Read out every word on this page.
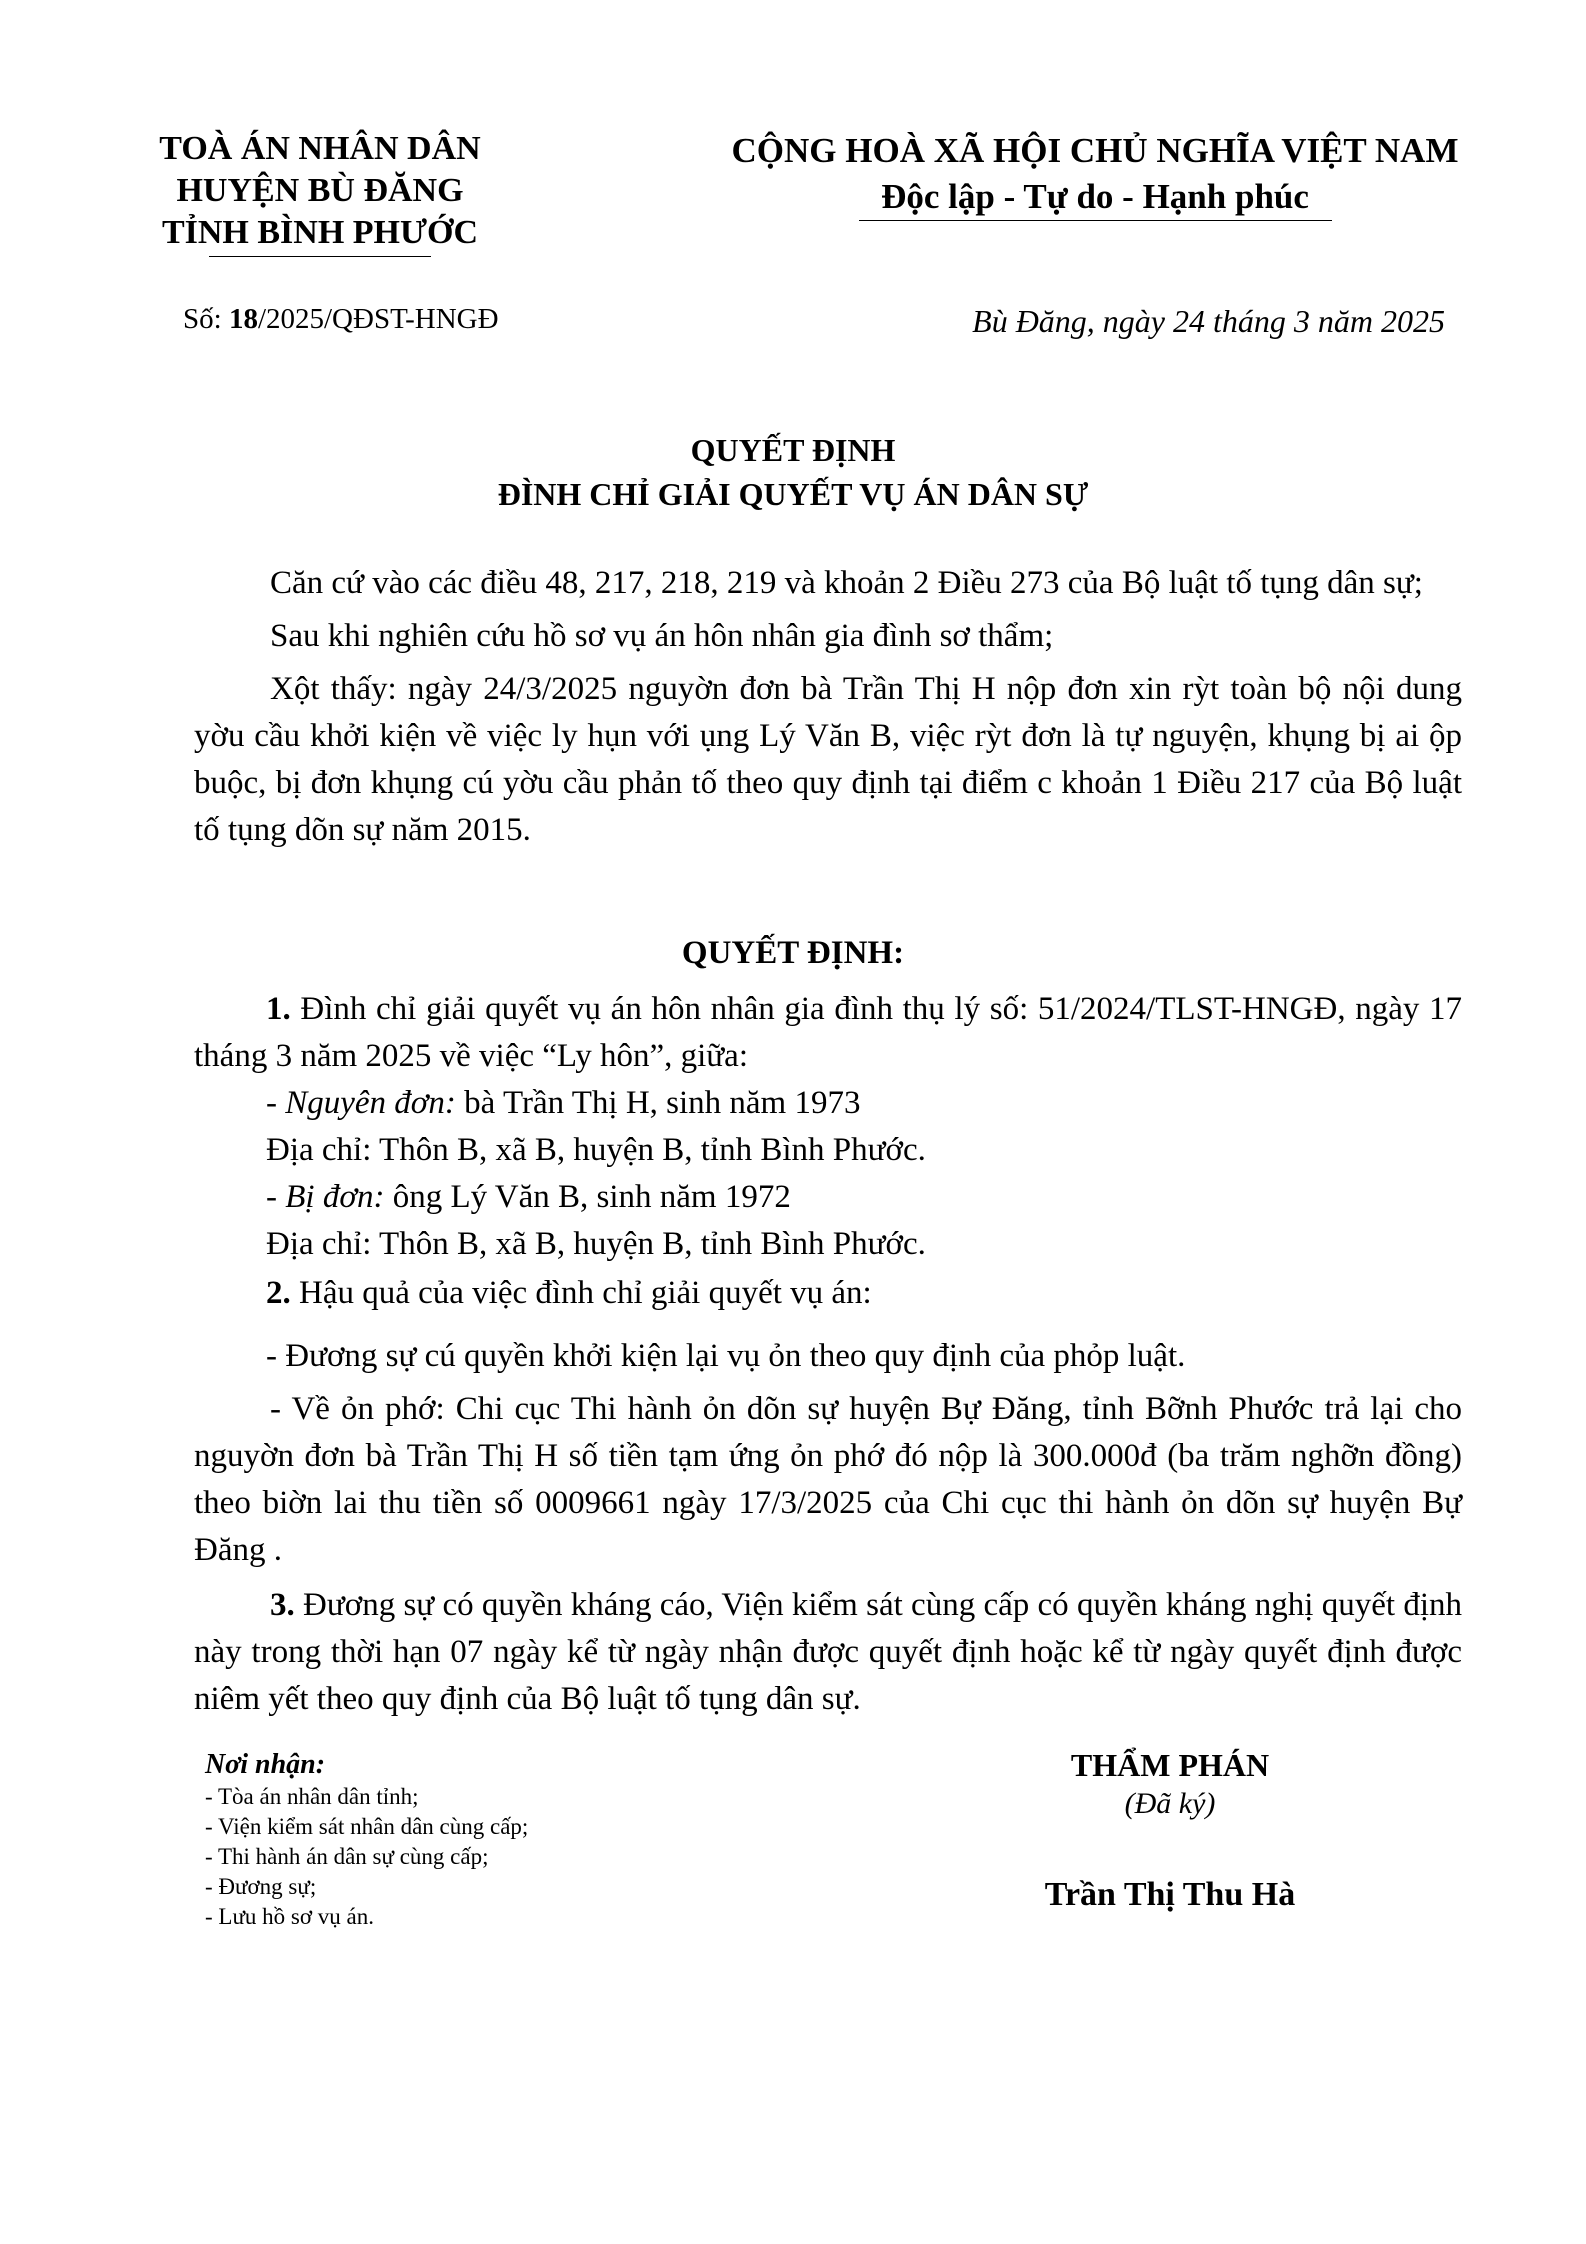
TOÀ ÁN NHÂN DÂN
HUYỆN BÙ ĐĂNG
TỈNH BÌNH PHƯỚC
CỘNG HOÀ XÃ HỘI CHỦ NGHĨA VIỆT NAM
Độc lập - Tự do - Hạnh phúc
Số: 18/2025/QĐST-HNGĐ	Bù Đăng, ngày 24 tháng 3 năm 2025
QUYẾT ĐỊNH
ĐÌNH CHỈ GIẢI QUYẾT VỤ ÁN DÂN SỰ

Căn cứ vào các điều 48, 217, 218, 219 và khoản 2 Điều 273 của Bộ luật tố tụng dân sự;

Sau khi nghiên cứu hồ sơ vụ án hôn nhân gia đình sơ thẩm;

Xột thấy: ngày 24/3/2025 nguyờn đơn bà Trần Thị H nộp đơn xin rỳt toàn bộ nội dung yờu cầu khởi kiện về việc ly hụn với ụng Lý Văn B, việc rỳt đơn là tự nguyện, khụng bị ai ộp buộc, bị đơn khụng cú yờu cầu phản tố theo quy định tại điểm c khoản 1 Điều 217 của Bộ luật tố tụng dõn sự năm 2015.

QUYẾT ĐỊNH:

1. Đình chỉ giải quyết vụ án hôn nhân gia đình thụ lý số: 51/2024/TLST-HNGĐ, ngày 17 tháng 3 năm 2025 về việc “Ly hôn”, giữa:

- Nguyên đơn: bà Trần Thị H, sinh năm 1973
Địa chỉ: Thôn B, xã B, huyện B, tỉnh Bình Phước.
- Bị đơn: ông Lý Văn B, sinh năm 1972
Địa chỉ: Thôn B, xã B, huyện B, tỉnh Bình Phước.
2. Hậu quả của việc đình chỉ giải quyết vụ án:
- Đương sự cú quyền khởi kiện lại vụ ỏn theo quy định của phỏp luật.

- Về ỏn phớ: Chi cục Thi hành ỏn dõn sự huyện Bự Đăng, tỉnh Bỡnh Phước trả lại cho nguyờn đơn bà Trần Thị H số tiền tạm ứng ỏn phớ đó nộp là 300.000đ (ba trăm nghỡn đồng) theo biờn lai thu tiền số 0009661 ngày 17/3/2025 của Chi cục thi hành ỏn dõn sự huyện Bự Đăng .

3. Đương sự có quyền kháng cáo, Viện kiểm sát cùng cấp có quyền kháng nghị quyết định này trong thời hạn 07 ngày kể từ ngày nhận được quyết định hoặc kể từ ngày quyết định được niêm yết theo quy định của Bộ luật tố tụng dân sự.

Nơi nhận:
- Tòa án nhân dân tỉnh;
- Viện kiểm sát nhân dân cùng cấp;
- Thi hành án dân sự cùng cấp;
- Đương sự;
- Lưu hồ sơ vụ án.
THẨM PHÁN
(Đã ký)
Trần Thị Thu Hà
